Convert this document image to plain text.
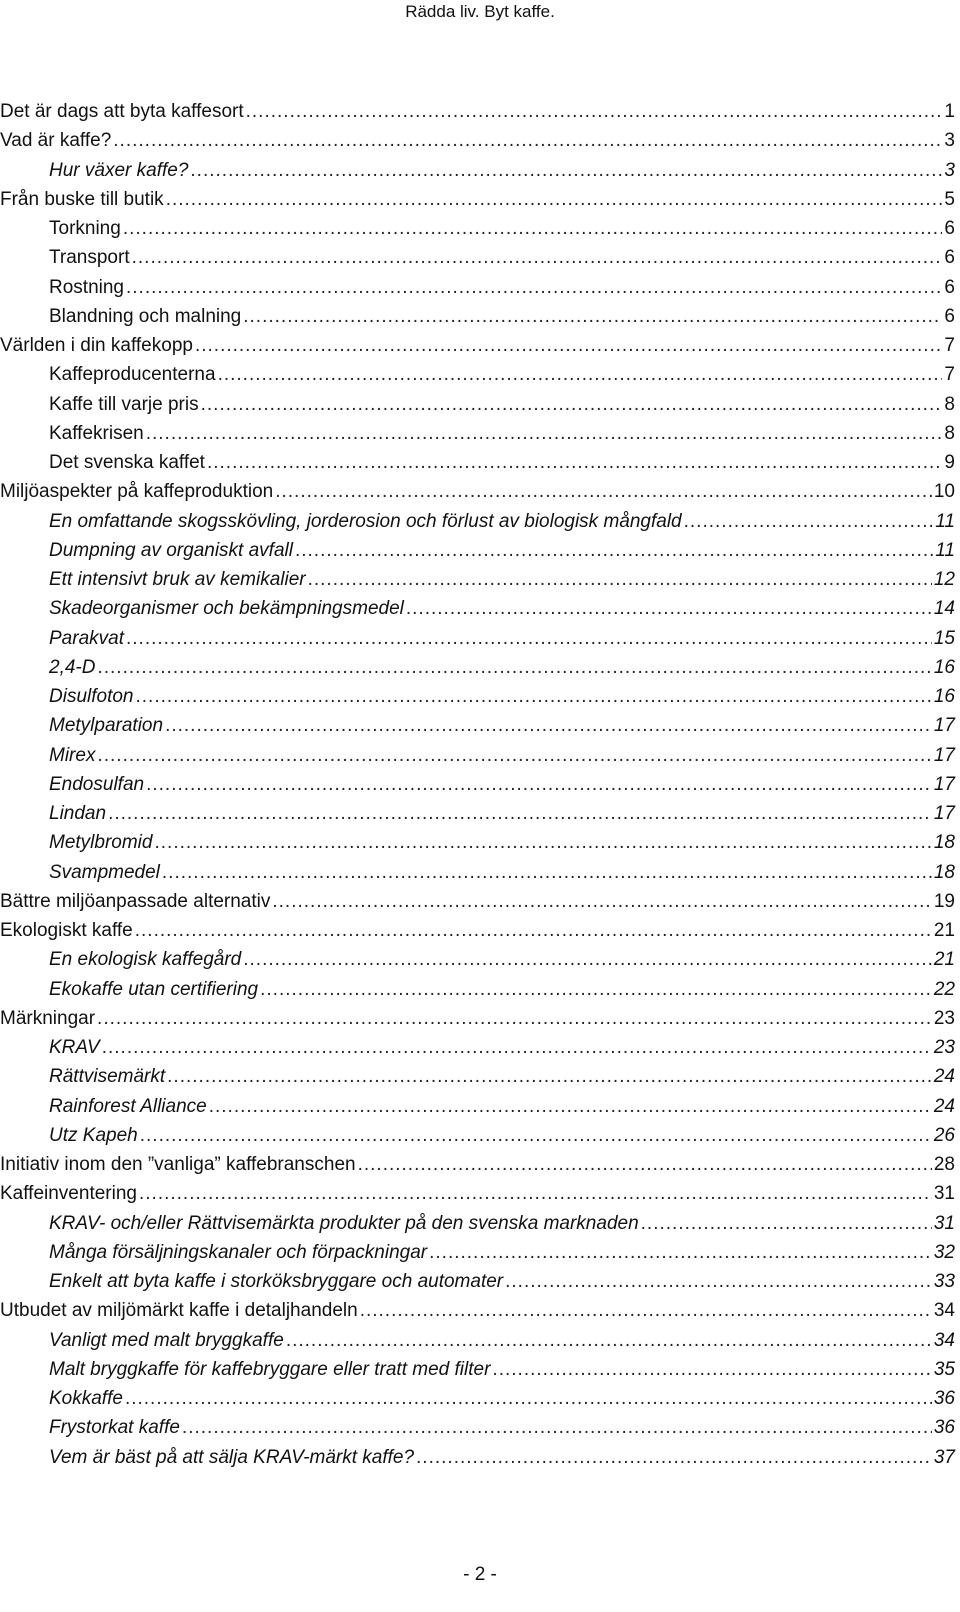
Rädda liv. Byt kaffe.
Det är dags att byta kaffesort .....	1
Vad är kaffe? .....	3
Hur växer kaffe? .....	3
Från buske till butik .....	5
Torkning .....	6
Transport .....	6
Rostning .....	6
Blandning och malning .....	6
Världen i din kaffekopp .....	7
Kaffeproducenterna .....	7
Kaffe till varje pris .....	8
Kaffekrisen .....	8
Det svenska kaffet .....	9
Miljöaspekter på kaffeproduktion .....	10
En omfattande skogsskövling, jorderosion och förlust av biologisk mångfald .....	11
Dumpning av organiskt avfall .....	11
Ett intensivt bruk av kemikalier .....	12
Skadeorganismer och bekämpningsmedel .....	14
Parakvat .....	15
2,4-D .....	16
Disulfoton .....	16
Metylparation .....	17
Mirex .....	17
Endosulfan .....	17
Lindan .....	17
Metylbromid .....	18
Svampmedel .....	18
Bättre miljöanpassade alternativ .....	19
Ekologiskt kaffe .....	21
En ekologisk kaffegård .....	21
Ekokaffe utan certifiering .....	22
Märkningar .....	23
KRAV .....	23
Rättvisemärkt .....	24
Rainforest Alliance .....	24
Utz Kapeh .....	26
Initiativ inom den ”vanliga” kaffebranschen .....	28
Kaffeinventering .....	31
KRAV- och/eller Rättvisemärkta produkter på den svenska marknaden .....	31
Många försäljningskanaler och förpackningar .....	32
Enkelt att byta kaffe i storköksbryggare och automater .....	33
Utbudet av miljömärkt kaffe i detaljhandeln .....	34
Vanligt med malt bryggkaffe .....	34
Malt bryggkaffe för kaffebryggare eller tratt med filter .....	35
Kokkaffe .....	36
Frystorkat kaffe .....	36
Vem är bäst på att sälja KRAV-märkt kaffe? .....	37
- 2 -
